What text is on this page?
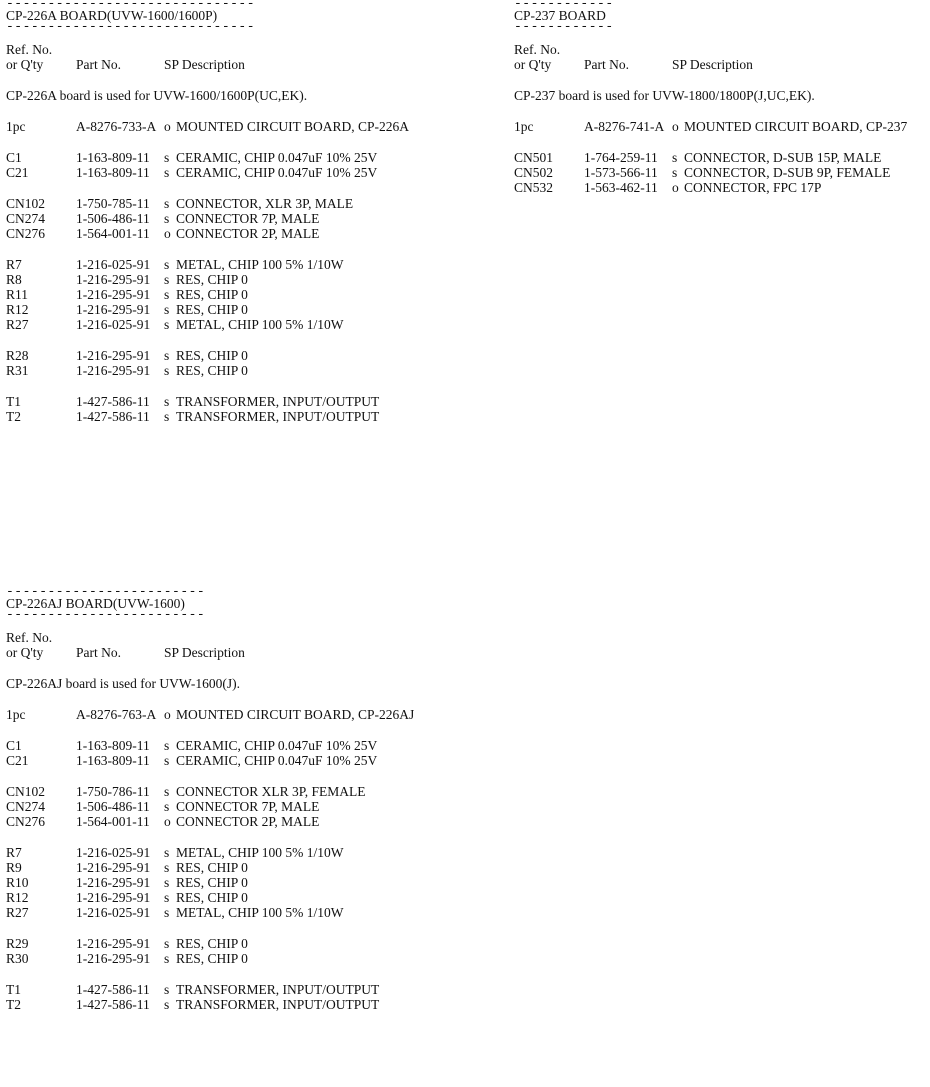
------------------------------
CP-226A BOARD(UVW-1600/1600P)
------------------------------
Ref. No.
or Q'ty	Part No.	SP Description
CP-226A board is used for UVW-1600/1600P(UC,EK).
1pc	A-8276-733-A o MOUNTED CIRCUIT BOARD, CP-226A
C1	1-163-809-11	s CERAMIC, CHIP 0.047uF 10% 25V
C21	1-163-809-11	s CERAMIC, CHIP 0.047uF 10% 25V
CN102	1-750-785-11	s CONNECTOR, XLR 3P, MALE
CN274	1-506-486-11	s CONNECTOR 7P, MALE
CN276	1-564-001-11	o CONNECTOR 2P, MALE
R7	1-216-025-91	s METAL, CHIP 100 5% 1/10W
R8	1-216-295-91	s RES, CHIP 0
R11	1-216-295-91	s RES, CHIP 0
R12	1-216-295-91	s RES, CHIP 0
R27	1-216-025-91	s METAL, CHIP 100 5% 1/10W
R28	1-216-295-91	s RES, CHIP 0
R31	1-216-295-91	s RES, CHIP 0
T1	1-427-586-11	s TRANSFORMER, INPUT/OUTPUT
T2	1-427-586-11	s TRANSFORMER, INPUT/OUTPUT
------------
CP-237 BOARD
------------
Ref. No.
or Q'ty	Part No.	SP Description
CP-237 board is used for UVW-1800/1800P(J,UC,EK).
1pc	A-8276-741-A o MOUNTED CIRCUIT BOARD, CP-237
CN501	1-764-259-11	s CONNECTOR, D-SUB 15P, MALE
CN502	1-573-566-11	s CONNECTOR, D-SUB 9P, FEMALE
CN532	1-563-462-11	o CONNECTOR, FPC 17P
------------------------
CP-226AJ BOARD(UVW-1600)
------------------------
Ref. No.
or Q'ty	Part No.	SP Description
CP-226AJ board is used for UVW-1600(J).
1pc	A-8276-763-A o MOUNTED CIRCUIT BOARD, CP-226AJ
C1	1-163-809-11	s CERAMIC, CHIP 0.047uF 10% 25V
C21	1-163-809-11	s CERAMIC, CHIP 0.047uF 10% 25V
CN102	1-750-786-11	s CONNECTOR XLR 3P, FEMALE
CN274	1-506-486-11	s CONNECTOR 7P, MALE
CN276	1-564-001-11	o CONNECTOR 2P, MALE
R7	1-216-025-91	s METAL, CHIP 100 5% 1/10W
R9	1-216-295-91	s RES, CHIP 0
R10	1-216-295-91	s RES, CHIP 0
R12	1-216-295-91	s RES, CHIP 0
R27	1-216-025-91	s METAL, CHIP 100 5% 1/10W
R29	1-216-295-91	s RES, CHIP 0
R30	1-216-295-91	s RES, CHIP 0
T1	1-427-586-11	s TRANSFORMER, INPUT/OUTPUT
T2	1-427-586-11	s TRANSFORMER, INPUT/OUTPUT
